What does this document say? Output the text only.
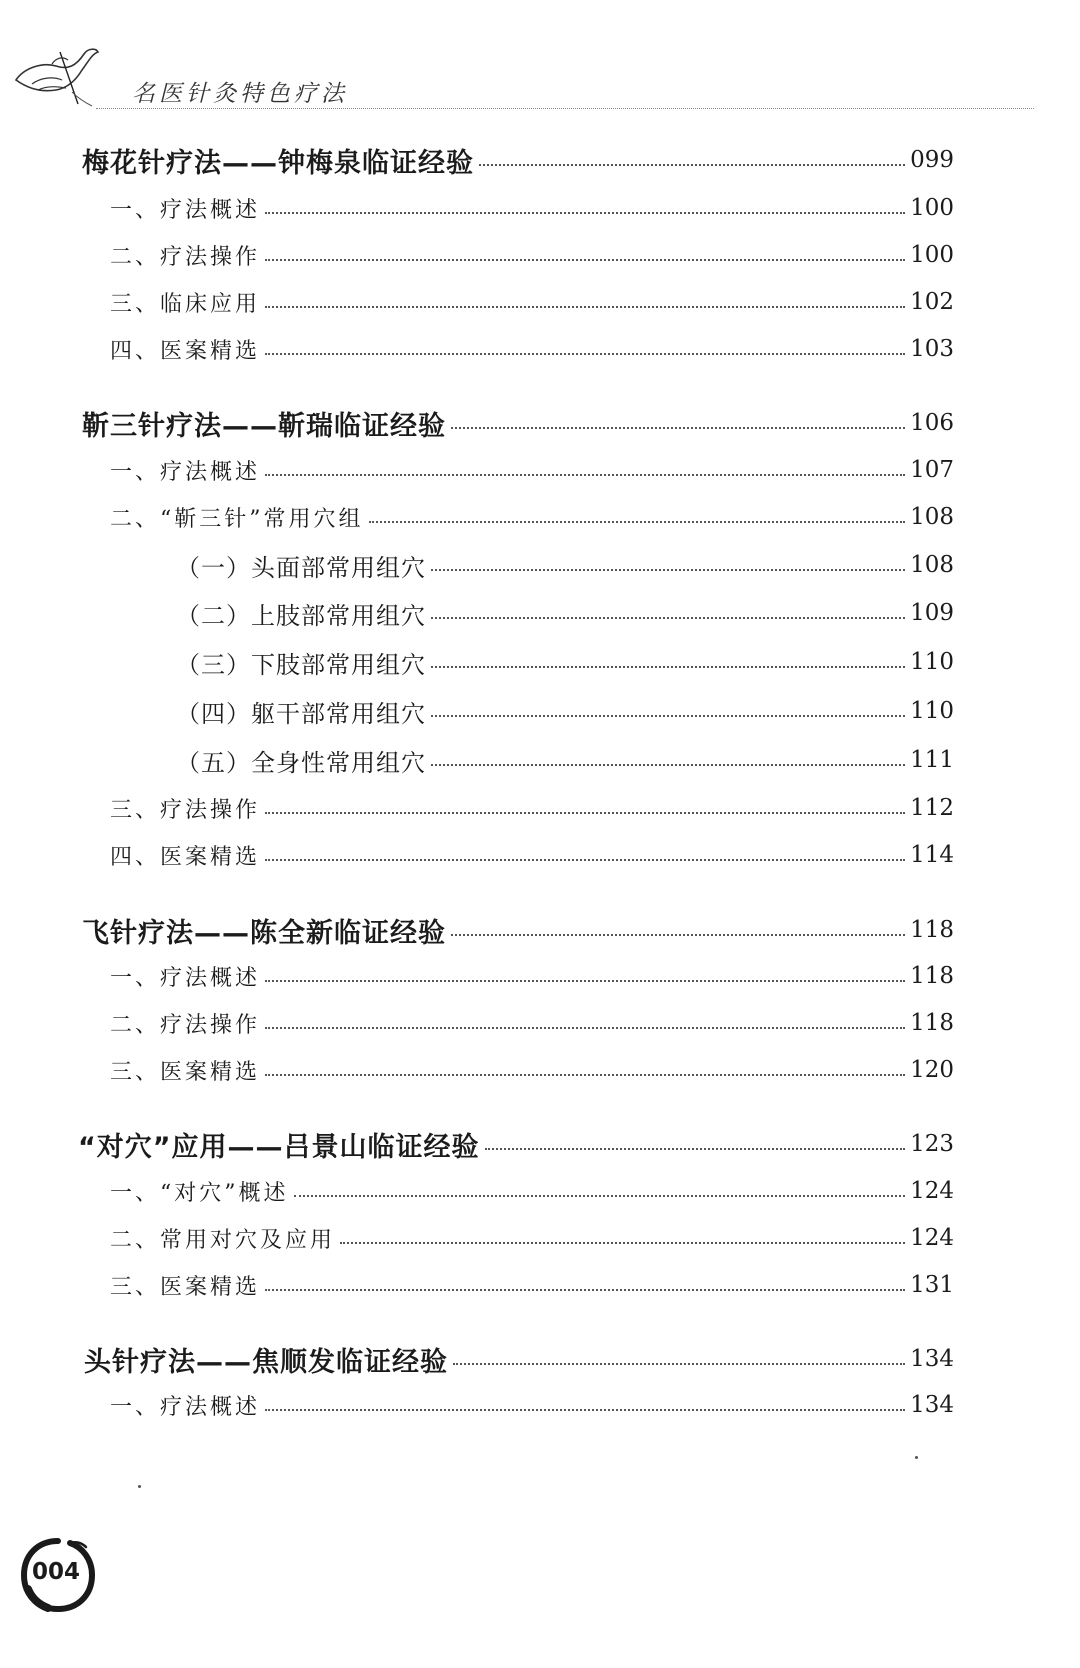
名医针灸特色疗法
梅花针疗法——钟梅泉临证经验	099
一、疗法概述	100
二、疗法操作	100
三、临床应用	102
四、医案精选	103
靳三针疗法——靳瑞临证经验	106
一、疗法概述	107
二、“靳三针”常用穴组	108
（一）头面部常用组穴	108
（二）上肢部常用组穴	109
（三）下肢部常用组穴	110
（四）躯干部常用组穴	110
（五）全身性常用组穴	111
三、疗法操作	112
四、医案精选	114
飞针疗法——陈全新临证经验	118
一、疗法概述	118
二、疗法操作	118
三、医案精选	120
“对穴”应用——吕景山临证经验	123
一、“对穴”概述	124
二、常用对穴及应用	124
三、医案精选	131
头针疗法——焦顺发临证经验	134
一、疗法概述	134
004
